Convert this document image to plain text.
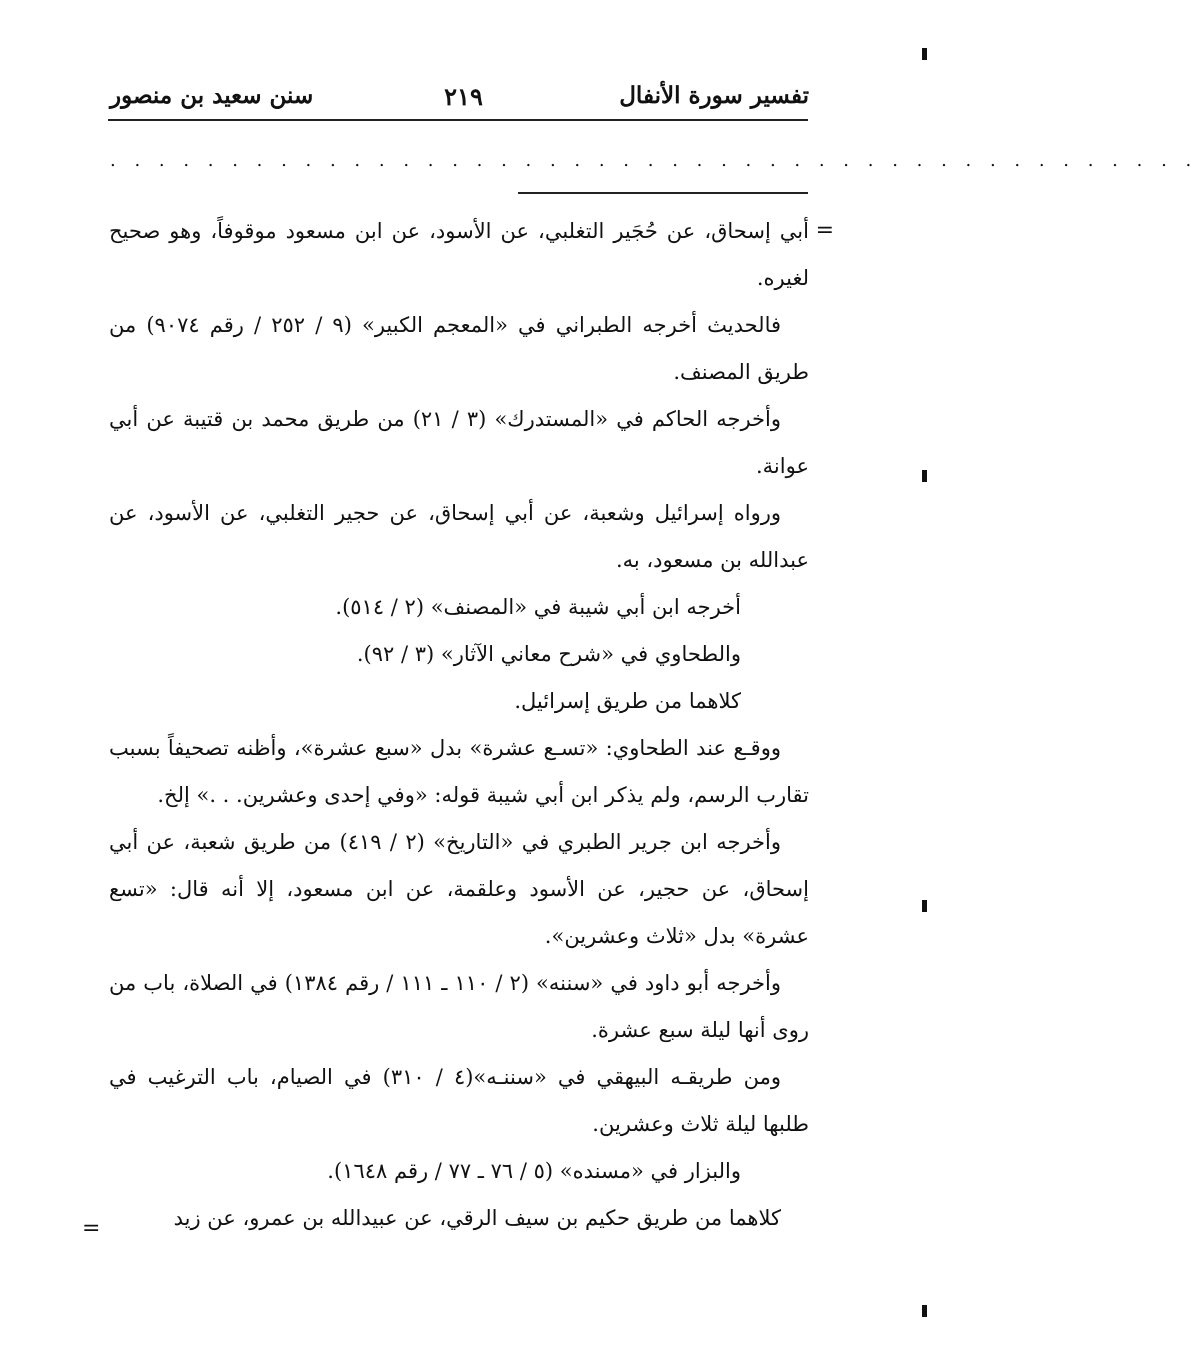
تفسير سورة الأنفال
٢١٩
سنن سعيد بن منصور
. . . . . . . . . . . . . . . . . . . . . . . . . . . . . . . . . . . . . . . . . . . . .
=

أبي إسحاق، عن حُجَير التغلبي، عن الأسود، عن ابن مسعود موقوفاً، وهو صحيح لغيره.

فالحديث أخرجه الطبراني في «المعجم الكبير» (٩ / ٢٥٢ / رقم ٩٠٧٤) من طريق المصنف.

وأخرجه الحاكم في «المستدرك» (٣ / ٢١) من طريق محمد بن قتيبة عن أبي عوانة.

ورواه إسرائيل وشعبة، عن أبي إسحاق، عن حجير التغلبي، عن الأسود، عن عبدالله بن مسعود، به.

أخرجه ابن أبي شيبة في «المصنف» (٢ / ٥١٤).

والطحاوي في «شرح معاني الآثار» (٣ / ٩٢).

كلاهما من طريق إسرائيل.

ووقـع عند الطحاوي: «تسـع عشرة» بدل «سبع عشرة»، وأظنه تصحيفاً بسبب تقارب الرسم، ولم يذكر ابن أبي شيبة قوله: «وفي إحدى وعشرين. . .» إلخ.

وأخرجه ابن جرير الطبري في «التاريخ» (٢ / ٤١٩) من طريق شعبة، عن أبي إسحاق، عن حجير، عن الأسود وعلقمة، عن ابن مسعود، إلا أنه قال: «تسع عشرة» بدل «ثلاث وعشرين».

وأخرجه أبو داود في «سننه» (٢ / ١١٠ ـ ١١١ / رقم ١٣٨٤) في الصلاة، باب من روى أنها ليلة سبع عشرة.

ومن طريقـه البيهقي في «سننـه»(٤ / ٣١٠) في الصيام، باب الترغيب في طلبها ليلة ثلاث وعشرين.

والبزار في «مسنده» (٥ / ٧٦ ـ ٧٧ / رقم ١٦٤٨).

كلاهما من طريق حكيم بن سيف الرقي، عن عبيدالله بن عمرو، عن زيد

=
